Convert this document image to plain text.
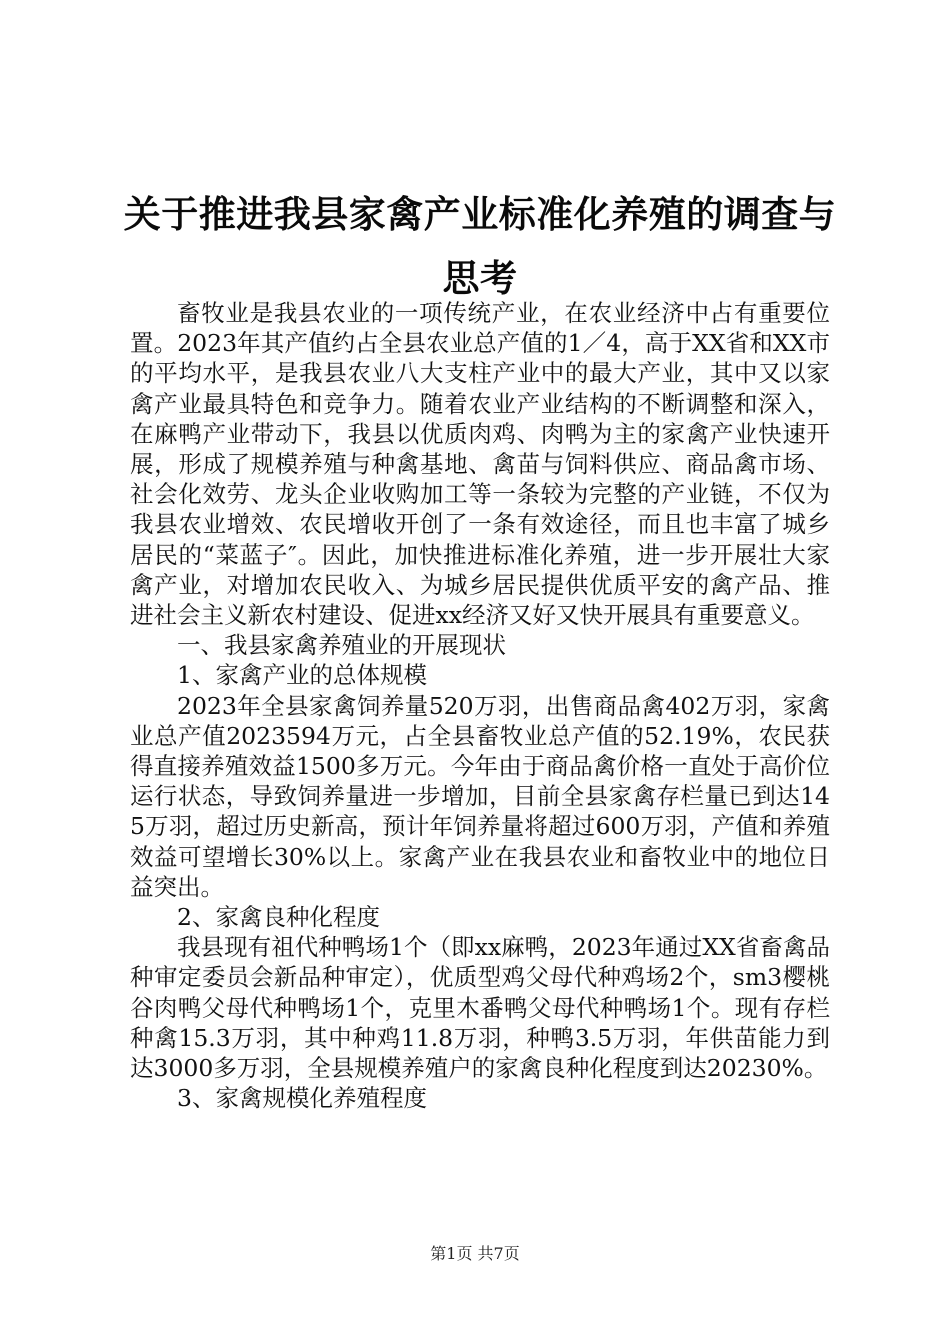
关于推进我县家禽产业标准化养殖的调查与思考

畜牧业是我县农业的一项传统产业，在农业经济中占有重要位置。2023年其产值约占全县农业总产值的1／4，高于XX省和XX市的平均水平，是我县农业八大支柱产业中的最大产业，其中又以家禽产业最具特色和竞争力。随着农业产业结构的不断调整和深入，在麻鸭产业带动下，我县以优质肉鸡、肉鸭为主的家禽产业快速开展，形成了规模养殖与种禽基地、禽苗与饲料供应、商品禽市场、社会化效劳、龙头企业收购加工等一条较为完整的产业链，不仅为我县农业增效、农民增收开创了一条有效途径，而且也丰富了城乡居民的“菜蓝子″。因此，加快推进标准化养殖，进一步开展壮大家禽产业，对增加农民收入、为城乡居民提供优质平安的禽产品、推进社会主义新农村建设、促进xx经济又好又快开展具有重要意义。

一、我县家禽养殖业的开展现状

1、家禽产业的总体规模

2023年全县家禽饲养量520万羽，出售商品禽402万羽，家禽业总产值2023594万元，占全县畜牧业总产值的52.19%，农民获得直接养殖效益1500多万元。今年由于商品禽价格一直处于高价位运行状态，导致饲养量进一步增加，目前全县家禽存栏量已到达145万羽，超过历史新高，预计年饲养量将超过600万羽，产值和养殖效益可望增长30%以上。家禽产业在我县农业和畜牧业中的地位日益突出。

2、家禽良种化程度

我县现有祖代种鸭场1个（即xx麻鸭，2023年通过XX省畜禽品种审定委员会新品种审定），优质型鸡父母代种鸡场2个，sm3樱桃谷肉鸭父母代种鸭场1个，克里木番鸭父母代种鸭场1个。现有存栏种禽15.3万羽，其中种鸡11.8万羽，种鸭3.5万羽，年供苗能力到达3000多万羽，全县规模养殖户的家禽良种化程度到达20230%。

3、家禽规模化养殖程度

第1页 共7页
